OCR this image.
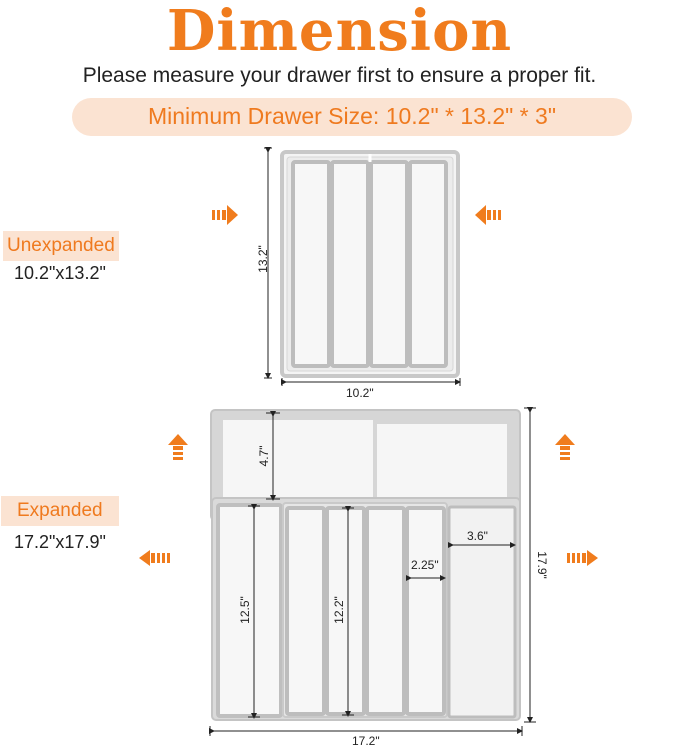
Dimension
Please measure your drawer first to ensure a proper fit.
Minimum Drawer Size: 10.2" * 13.2" * 3"
Unexpanded
10.2"x13.2"
13.2"
10.2"
Expanded
17.2"x17.9"
4.7"
12.5"	12.2"
2.25"
3.6"
17.9"
17.2"
